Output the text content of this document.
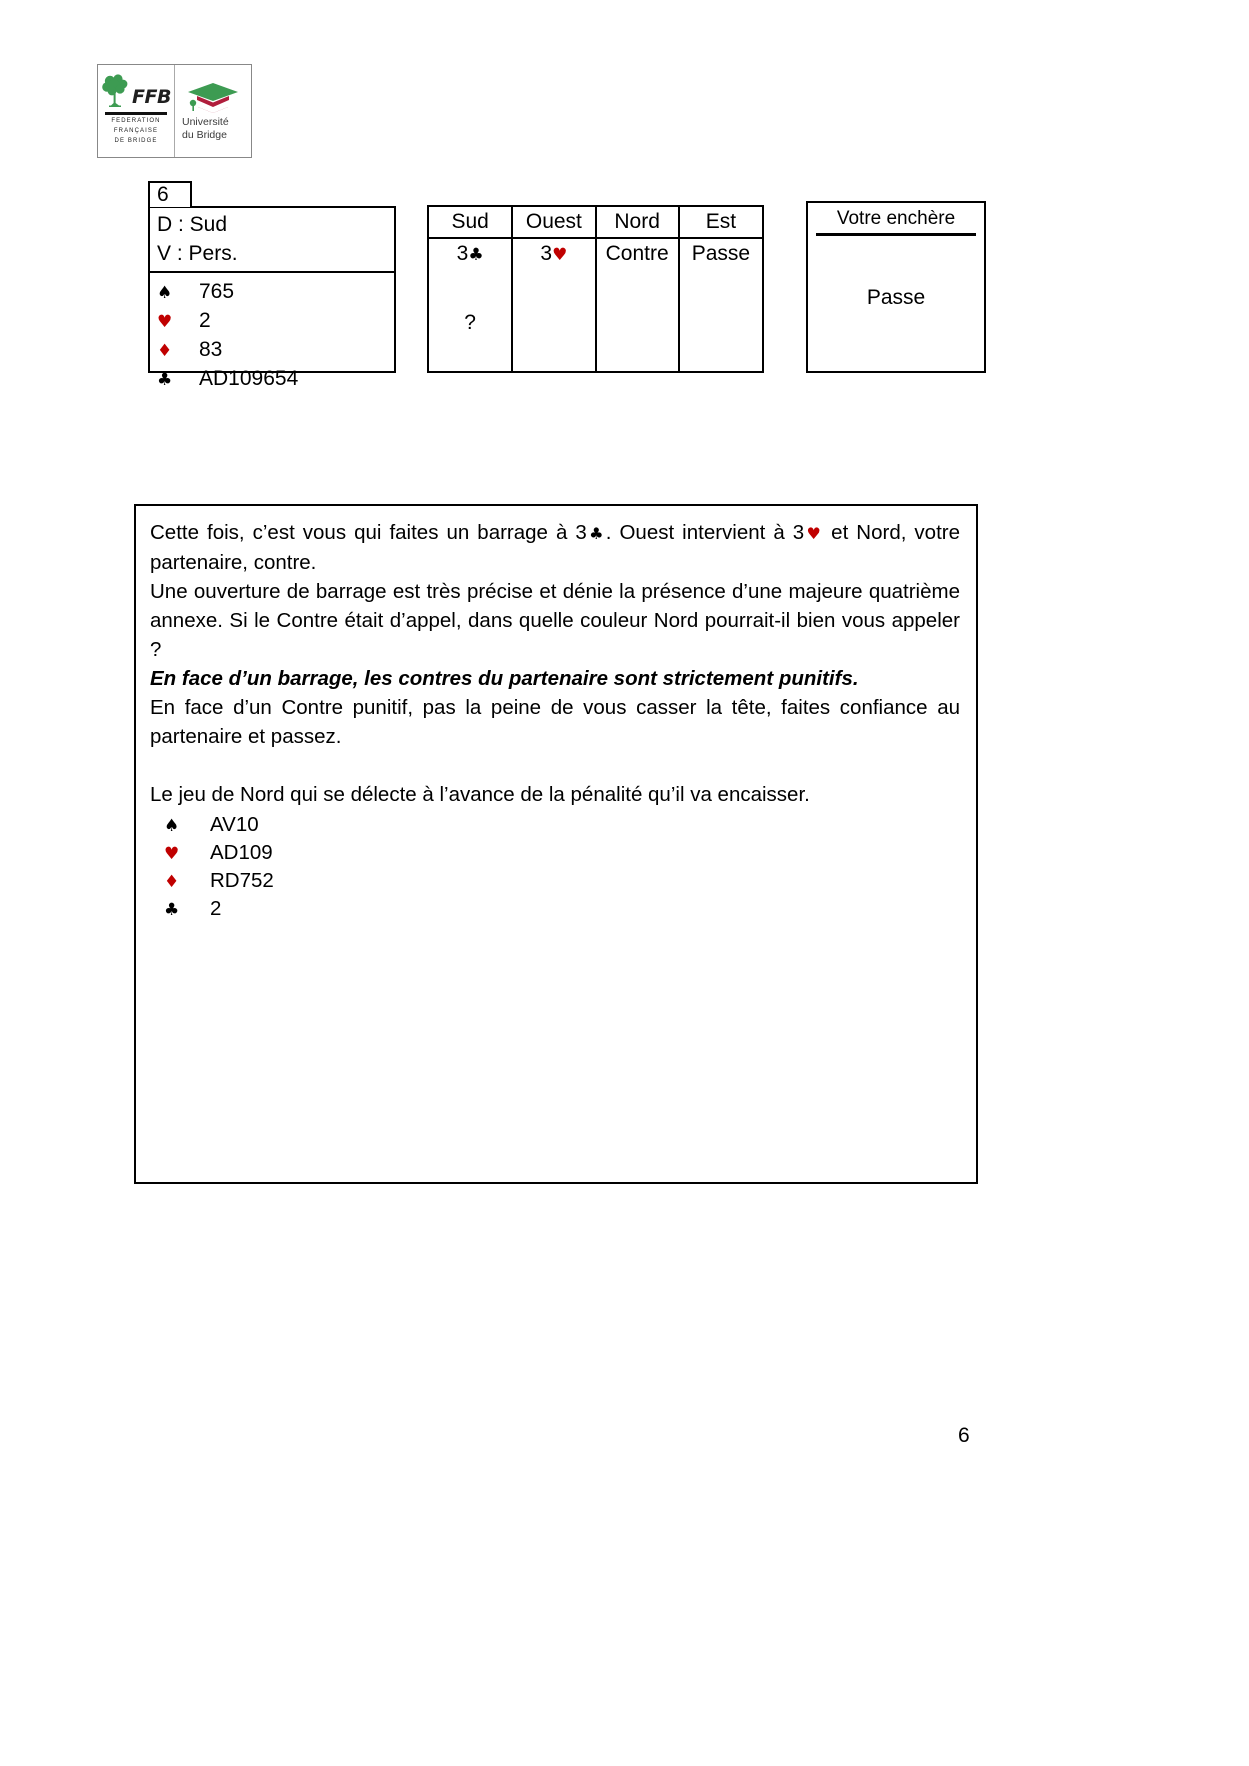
FFB
FEDERATION
FRANÇAISE
DE BRIDGE
Université
du Bridge
6
D : Sud
V : Pers.
♠	765
♥	2
♦	83
♣	AD109654
Sud	Ouest	Nord	Est
3♣	3♥	Contre	Passe
?			
Votre enchère
Passe

Cette fois, c’est vous qui faites un barrage à 3♣. Ouest intervient à 3♥ et Nord, votre partenaire, contre.

Une ouverture de barrage est très précise et dénie la présence d’une majeure quatrième annexe. Si le Contre était d’appel, dans quelle couleur Nord pourrait-il bien vous appeler ?

En face d’un barrage, les contres du partenaire sont strictement punitifs.

En face d’un Contre punitif, pas la peine de vous casser la tête, faites confiance au partenaire et passez.

Le jeu de Nord qui se délecte à l’avance de la pénalité qu’il va encaisser.

♠	AV10
♥	AD109
♦	RD752
♣	2
6
